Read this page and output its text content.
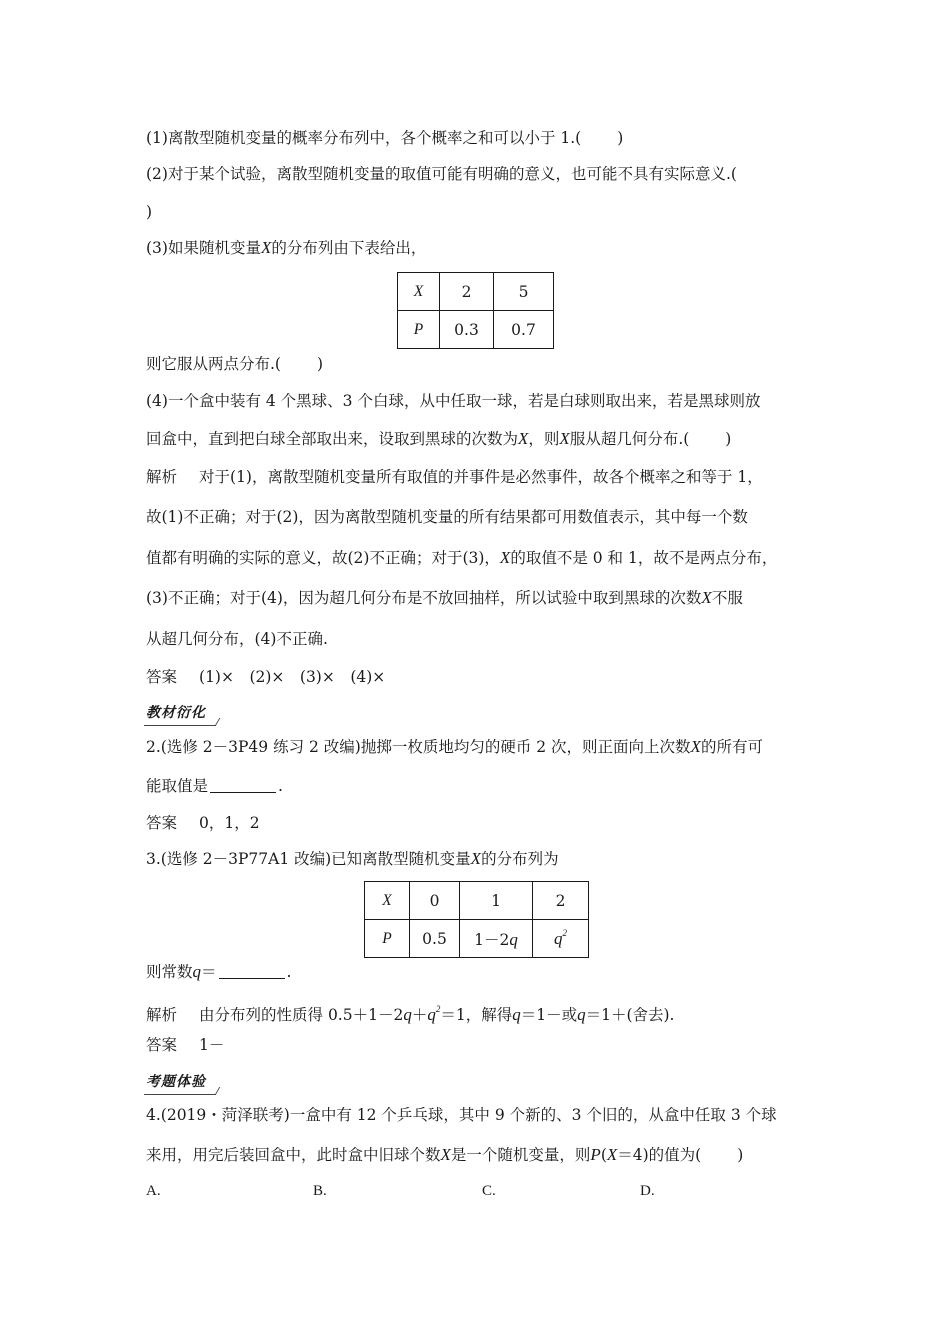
(1)离散型随机变量的概率分布列中，各个概率之和可以小于 1.( )
(2)对于某个试验，离散型随机变量的取值可能有明确的意义，也可能不具有实际意义.(
)
(3)如果随机变量X的分布列由下表给出，
X	2	5
P	0.3	0.7
则它服从两点分布.( )
(4)一个盒中装有 4 个黑球、3 个白球，从中任取一球，若是白球则取出来，若是黑球则放
回盒中，直到把白球全部取出来，设取到黑球的次数为X，则X服从超几何分布.( )
解析 对于(1)，离散型随机变量所有取值的并事件是必然事件，故各个概率之和等于 1，
故(1)不正确；对于(2)，因为离散型随机变量的所有结果都可用数值表示，其中每一个数
值都有明确的实际的意义，故(2)不正确；对于(3)，X的取值不是 0 和 1，故不是两点分布，
(3)不正确；对于(4)，因为超几何分布是不放回抽样，所以试验中取到黑球的次数X不服
从超几何分布，(4)不正确.
答案 (1)×　(2)×　(3)×　(4)×
教材衍化
2.(选修 2－3P49 练习 2 改编)抛掷一枚质地均匀的硬币 2 次，则正面向上次数X的所有可
能取值是	.
答案 0，1，2
3.(选修 2－3P77A1 改编)已知离散型随机变量X的分布列为
X	0	1	2
P	0.5	1－2q	$q^2$
则常数q＝	.
解析 由分布列的性质得 $0.5+1-2q+q^2=1$，解得q＝1－或q＝1＋(舍去).
答案 1－
考题体验
4.(2019・菏泽联考)一盒中有 12 个乒乓球，其中 9 个新的、3 个旧的，从盒中任取 3 个球
来用，用完后装回盒中，此时盒中旧球个数X是一个随机变量，则P(X＝4)的值为( )
A.	B.	C.	D.
